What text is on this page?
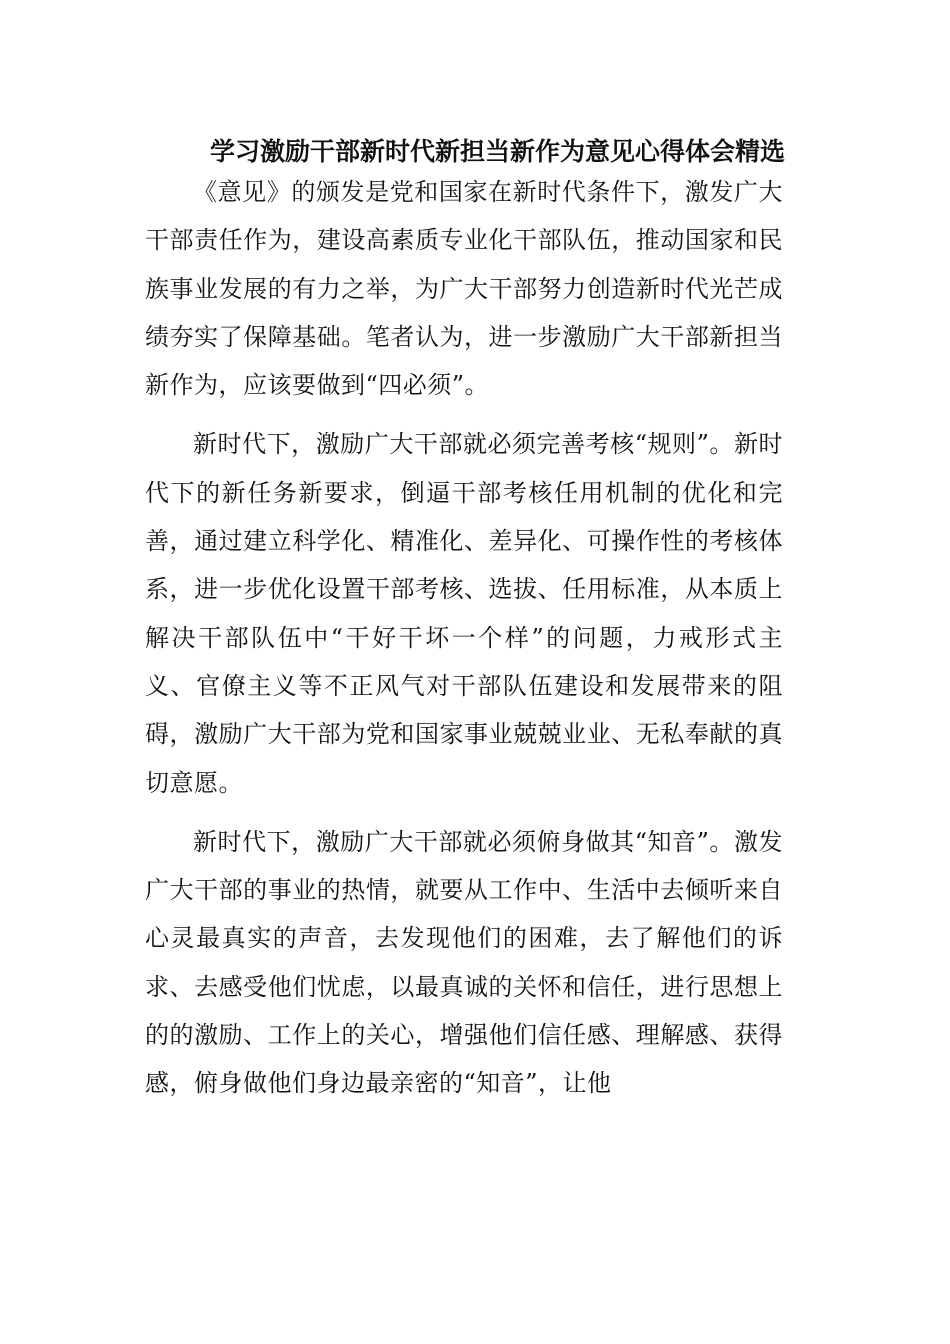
学习激励干部新时代新担当新作为意见心得体会精选

《意见》的颁发是党和国家在新时代条件下，激发广大干部责任作为，建设高素质专业化干部队伍，推动国家和民族事业发展的有力之举，为广大干部努力创造新时代光芒成绩夯实了保障基础。笔者认为，进一步激励广大干部新担当新作为，应该要做到“四必须”。

新时代下，激励广大干部就必须完善考核“规则”。新时代下的新任务新要求，倒逼干部考核任用机制的优化和完善，通过建立科学化、精准化、差异化、可操作性的考核体系，进一步优化设置干部考核、选拔、任用标准，从本质上解决干部队伍中“干好干坏一个样”的问题，力戒形式主义、官僚主义等不正风气对干部队伍建设和发展带来的阻碍，激励广大干部为党和国家事业兢兢业业、无私奉献的真切意愿。

新时代下，激励广大干部就必须俯身做其“知音”。激发广大干部的事业的热情，就要从工作中、生活中去倾听来自心灵最真实的声音，去发现他们的困难，去了解他们的诉求、去感受他们忧虑，以最真诚的关怀和信任，进行思想上的的激励、工作上的关心，增强他们信任感、理解感、获得感，俯身做他们身边最亲密的“知音”，让他
